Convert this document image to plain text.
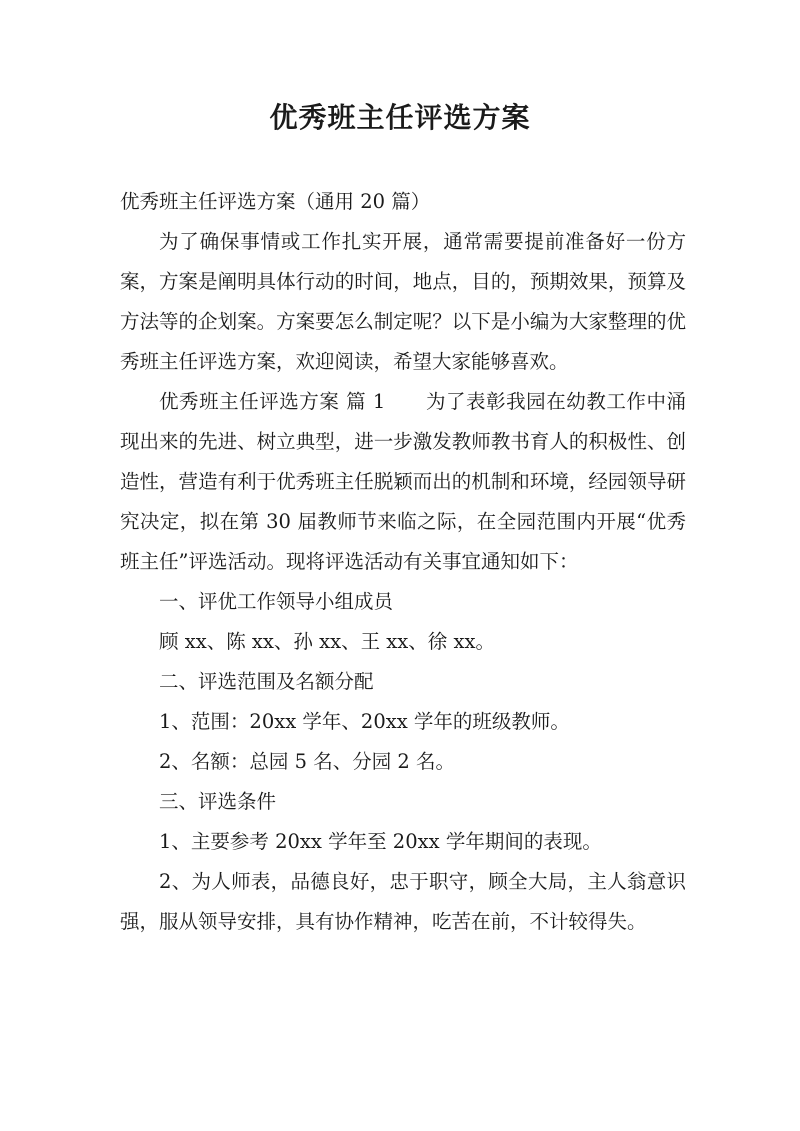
优秀班主任评选方案

优秀班主任评选方案（通用 20 篇）

为了确保事情或工作扎实开展，通常需要提前准备好一份方案，方案是阐明具体行动的时间，地点，目的，预期效果，预算及方法等的企划案。方案要怎么制定呢？以下是小编为大家整理的优秀班主任评选方案，欢迎阅读，希望大家能够喜欢。

优秀班主任评选方案 篇 1　　为了表彰我园在幼教工作中涌现出来的先进、树立典型，进一步激发教师教书育人的积极性、创造性，营造有利于优秀班主任脱颖而出的机制和环境，经园领导研究决定，拟在第 30 届教师节来临之际，在全园范围内开展“优秀班主任”评选活动。现将评选活动有关事宜通知如下：

一、评优工作领导小组成员

顾 xx、陈 xx、孙 xx、王 xx、徐 xx。

二、评选范围及名额分配

1、范围：20xx 学年、20xx 学年的班级教师。

2、名额：总园 5 名、分园 2 名。

三、评选条件

1、主要参考 20xx 学年至 20xx 学年期间的表现。

2、为人师表，品德良好，忠于职守，顾全大局，主人翁意识强，服从领导安排，具有协作精神，吃苦在前，不计较得失。
